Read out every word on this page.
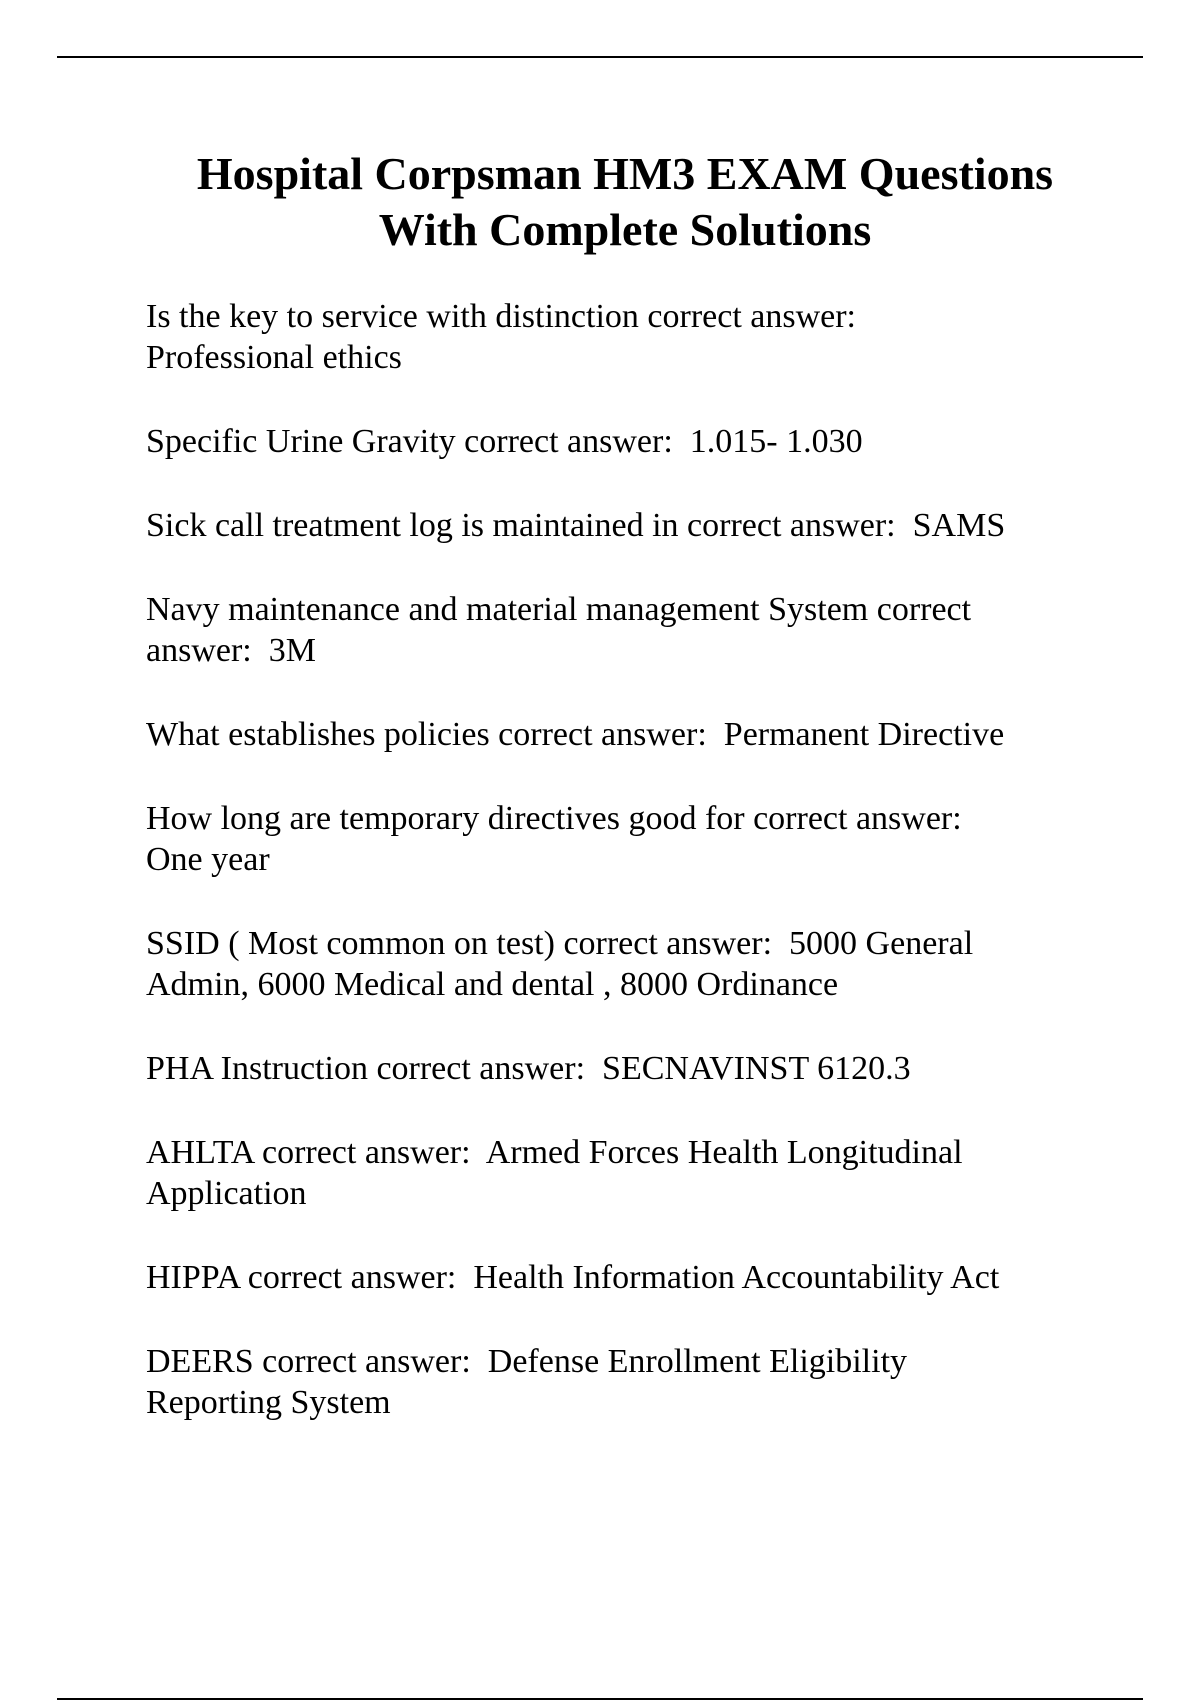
Hospital Corpsman HM3 EXAM Questions
With Complete Solutions

Is the key to service with distinction correct answer:
Professional ethics

Specific Urine Gravity correct answer:  1.015- 1.030

Sick call treatment log is maintained in correct answer:  SAMS

Navy maintenance and material management System correct
answer:  3M

What establishes policies correct answer:  Permanent Directive

How long are temporary directives good for correct answer:
One year

SSID ( Most common on test) correct answer:  5000 General
Admin, 6000 Medical and dental , 8000 Ordinance

PHA Instruction correct answer:  SECNAVINST 6120.3

AHLTA correct answer:  Armed Forces Health Longitudinal
Application

HIPPA correct answer:  Health Information Accountability Act

DEERS correct answer:  Defense Enrollment Eligibility
Reporting System
